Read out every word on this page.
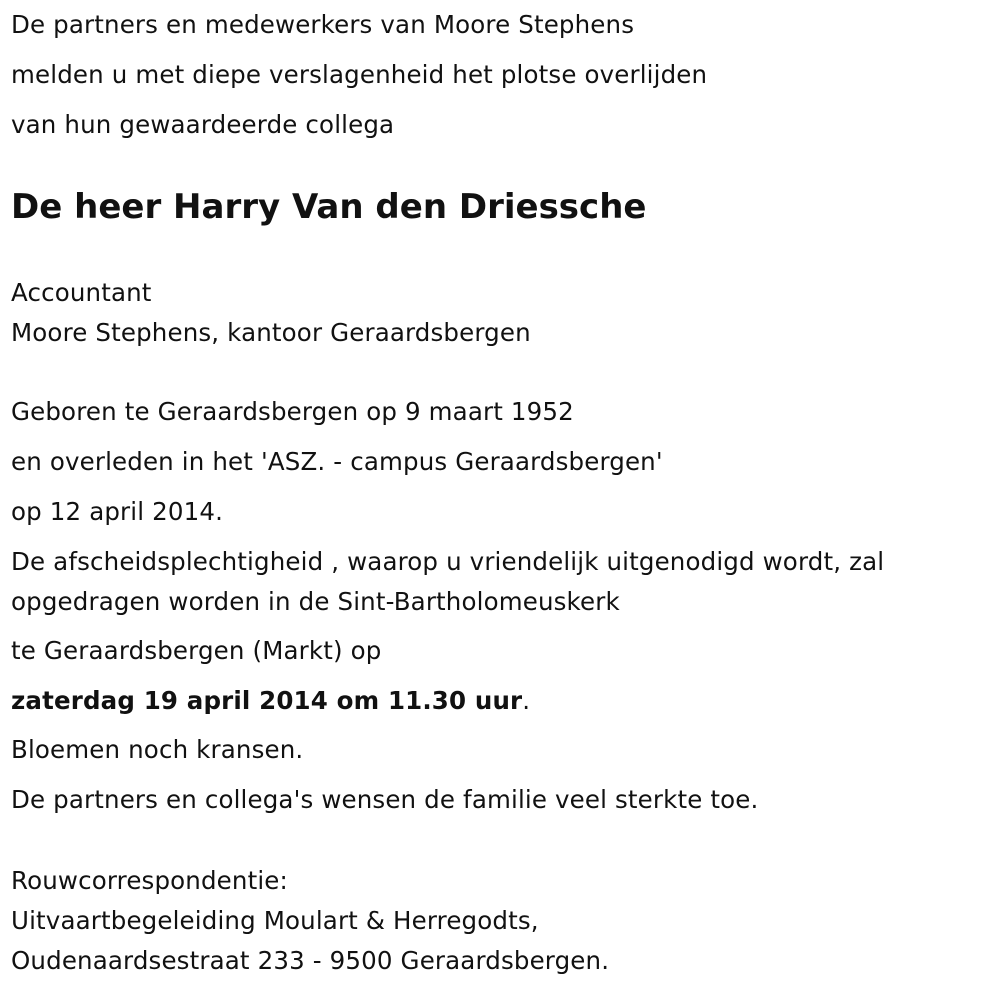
De partners en medewerkers van Moore Stephens
melden u met diepe verslagenheid het plotse overlijden
van hun gewaardeerde collega
De heer Harry Van den Driessche
Accountant
Moore Stephens, kantoor Geraardsbergen
Geboren te Geraardsbergen op 9 maart 1952
en overleden in het 'ASZ. - campus Geraardsbergen'
op 12 april 2014.
De afscheidsplechtigheid , waarop u vriendelijk uitgenodigd wordt, zal
opgedragen worden in de Sint-Bartholomeuskerk
te Geraardsbergen (Markt) op
zaterdag 19 april 2014 om 11.30 uur.
Bloemen noch kransen.
De partners en collega's wensen de familie veel sterkte toe.
Rouwcorrespondentie:
Uitvaartbegeleiding Moulart & Herregodts,
Oudenaardsestraat 233 - 9500 Geraardsbergen.
